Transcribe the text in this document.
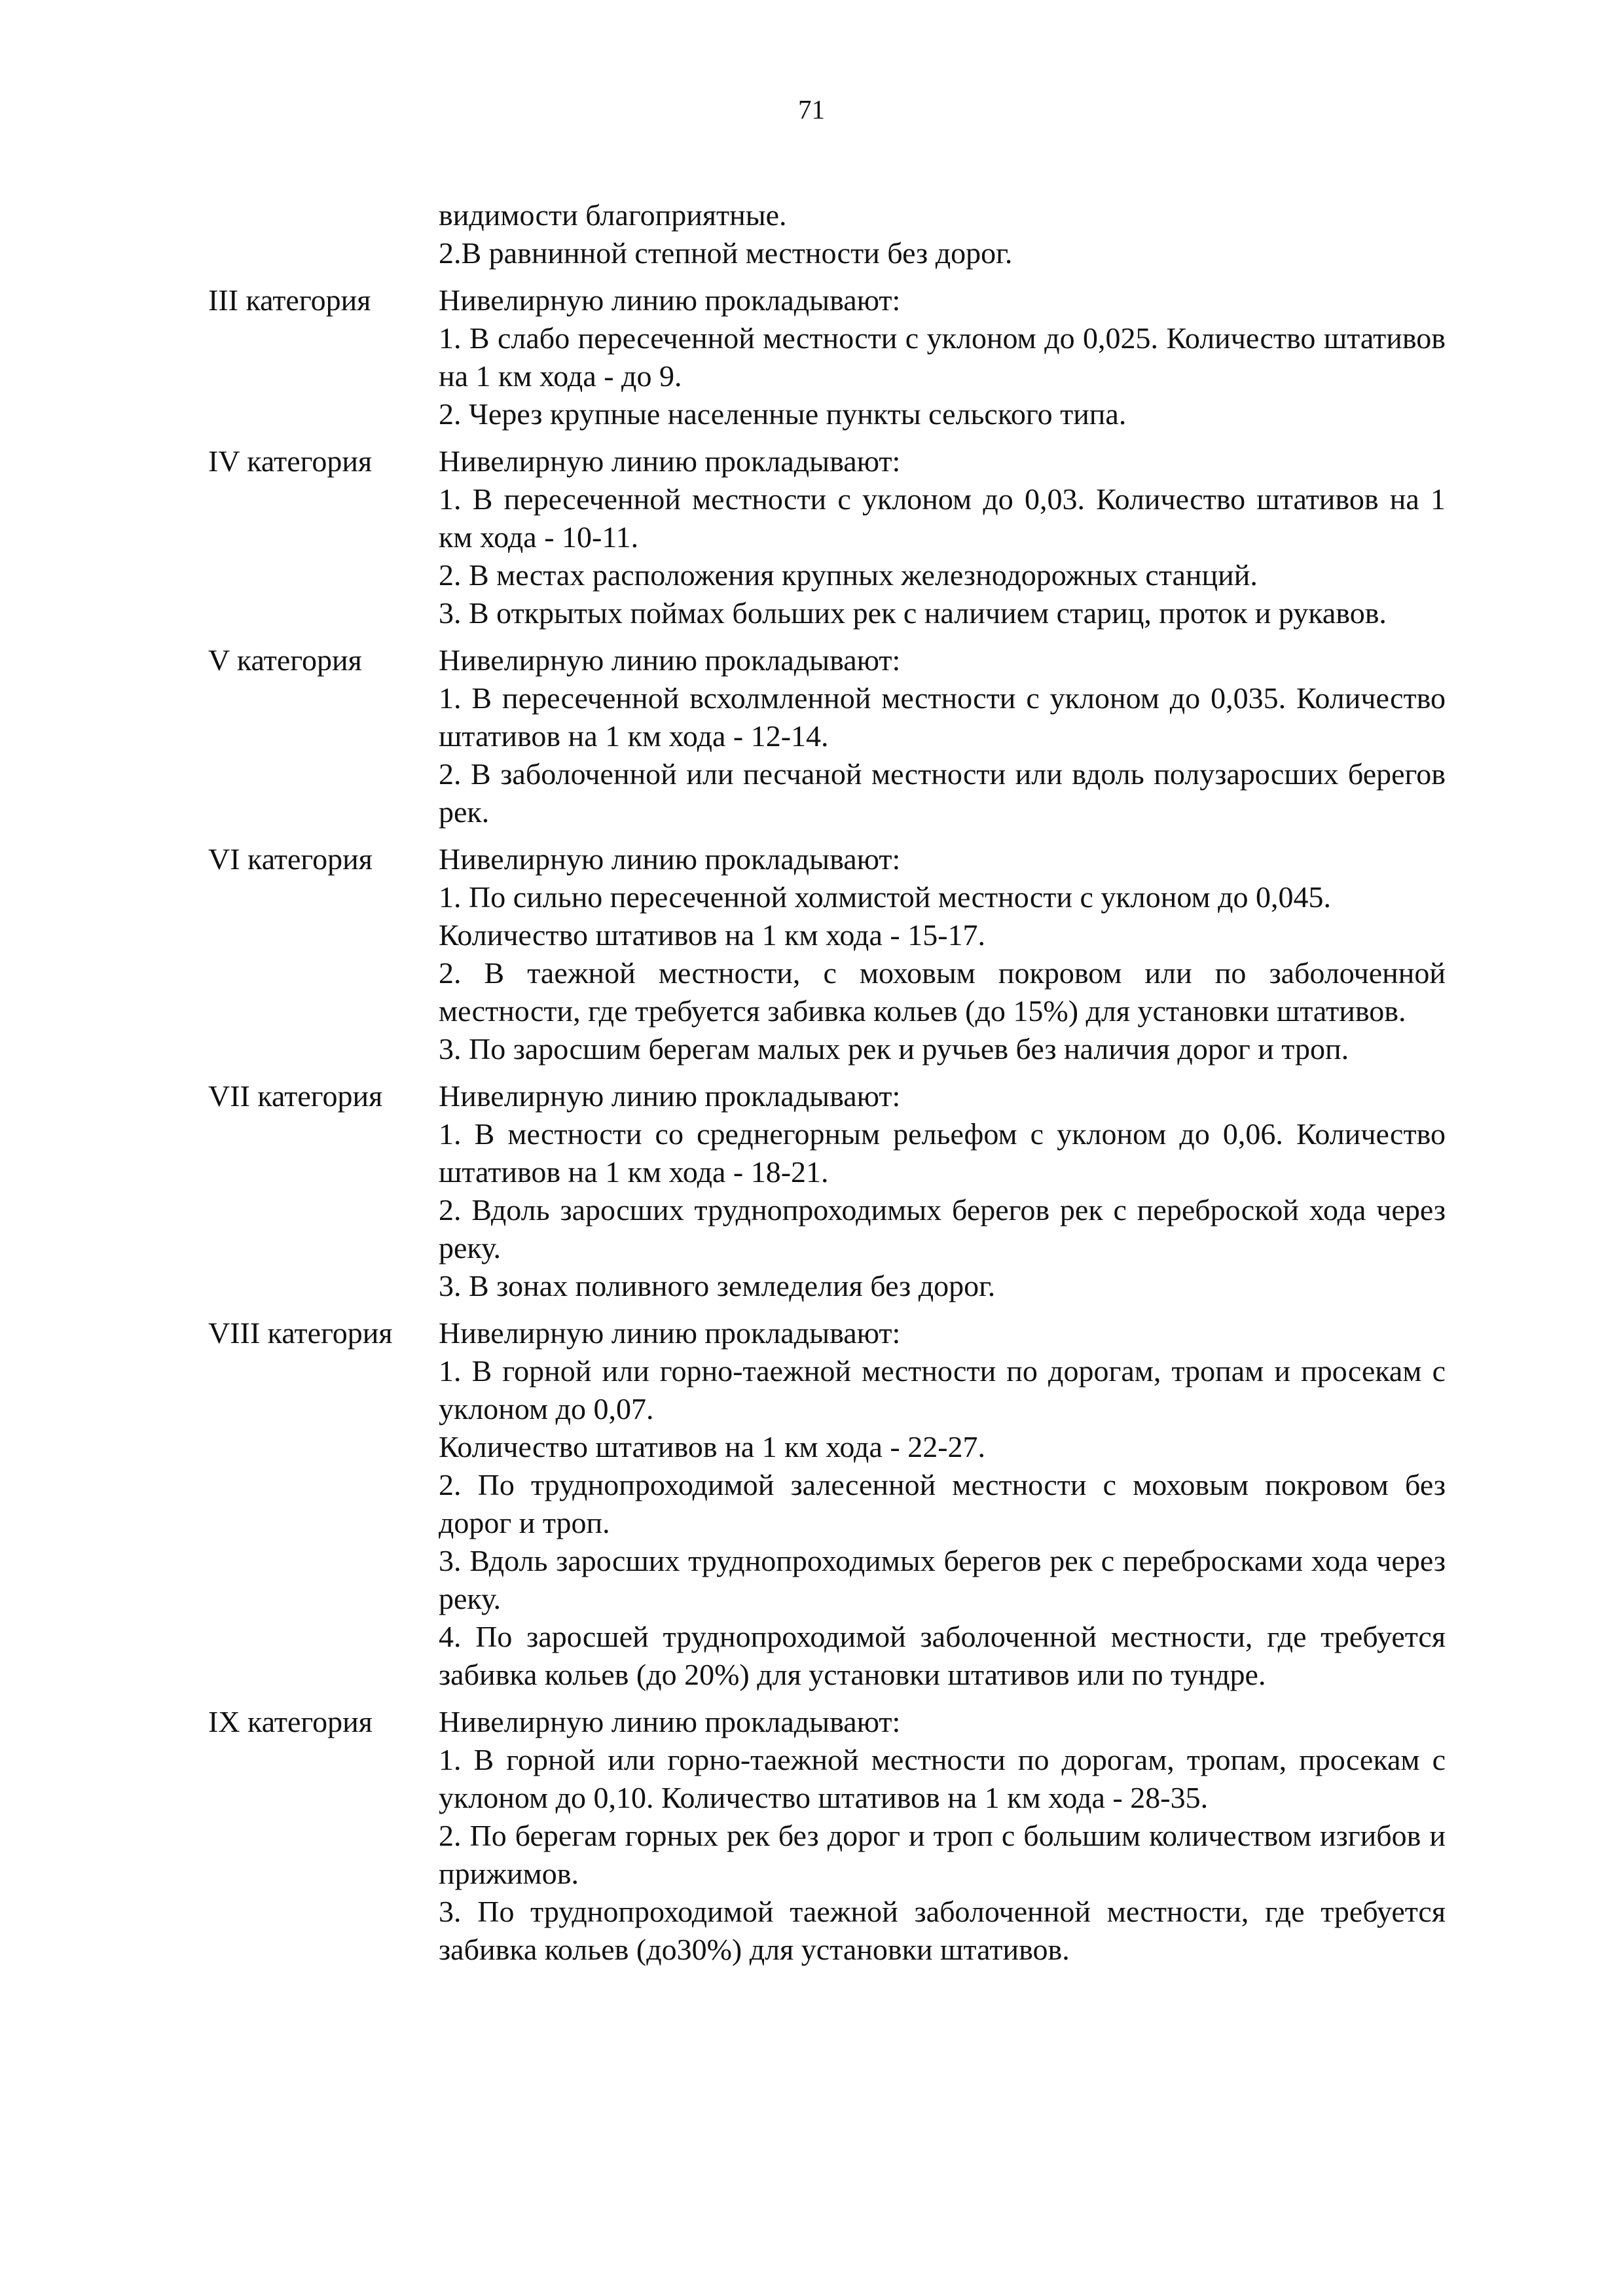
71
видимости благоприятные.
2.В равнинной степной местности без дорог.
III категория	Нивелирную линию прокладывают:
1. В слабо пересеченной местности с уклоном до 0,025. Количество штативов на 1 км хода - до 9.
2. Через крупные населенные пункты сельского типа.
IV категория	Нивелирную линию прокладывают:
1. В пересеченной местности с уклоном до 0,03. Количество штативов на 1 км хода - 10-11.
2. В местах расположения крупных железнодорожных станций.
3. В открытых поймах больших рек с наличием стариц, проток и рукавов.
V категория	Нивелирную линию прокладывают:
1. В пересеченной всхолмленной местности с уклоном до 0,035. Количество штативов на 1 км хода - 12-14.
2. В заболоченной или песчаной местности или вдоль полузаросших берегов рек.
VI категория	Нивелирную линию прокладывают:
1. По сильно пересеченной холмистой местности с уклоном до 0,045.
Количество штативов на 1 км хода - 15-17.
2. В таежной местности, с моховым покровом или по заболоченной местности, где требуется забивка кольев (до 15%) для установки штативов.
3. По заросшим берегам малых рек и ручьев без наличия дорог и троп.
VII категория	Нивелирную линию прокладывают:
1. В местности со среднегорным рельефом с уклоном до 0,06. Количество штативов на 1 км хода - 18-21.
2. Вдоль заросших труднопроходимых берегов рек с переброской хода через реку.
3. В зонах поливного земледелия без дорог.
VIII категория	Нивелирную линию прокладывают:
1. В горной или горно-таежной местности по дорогам, тропам и просекам с уклоном до 0,07.
Количество штативов на 1 км хода - 22-27.
2. По труднопроходимой залесенной местности с моховым покровом без дорог и троп.
3. Вдоль заросших труднопроходимых берегов рек с перебросками хода через реку.
4. По заросшей труднопроходимой заболоченной местности, где требуется забивка кольев (до 20%) для установки штативов или по тундре.
IX категория	Нивелирную линию прокладывают:
1. В горной или горно-таежной местности по дорогам, тропам, просекам с уклоном до 0,10. Количество штативов на 1 км хода - 28-35.
2. По берегам горных рек без дорог и троп с большим количеством изгибов и прижимов.
3. По труднопроходимой таежной заболоченной местности, где требуется забивка кольев (до30%) для установки штативов.
